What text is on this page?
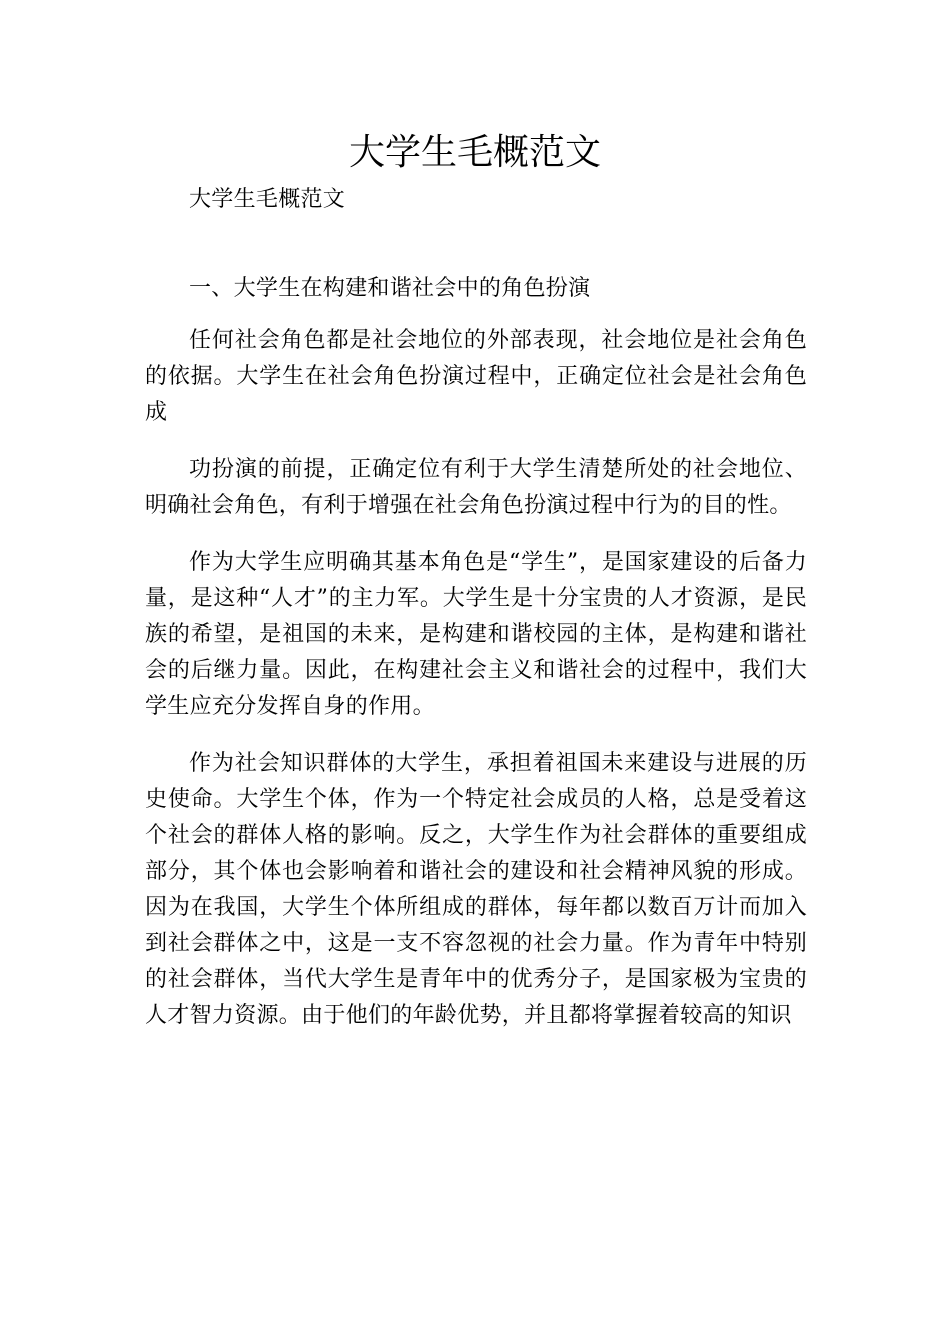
大学生毛概范文

大学生毛概范文

一、大学生在构建和谐社会中的角色扮演

任何社会角色都是社会地位的外部表现，社会地位是社会角色的依据。大学生在社会角色扮演过程中，正确定位社会是社会角色成

功扮演的前提，正确定位有利于大学生清楚所处的社会地位、明确社会角色，有利于增强在社会角色扮演过程中行为的目的性。

作为大学生应明确其基本角色是“学生”，是国家建设的后备力量，是这种“人才”的主力军。大学生是十分宝贵的人才资源，是民族的希望，是祖国的未来，是构建和谐校园的主体，是构建和谐社会的后继力量。因此，在构建社会主义和谐社会的过程中，我们大学生应充分发挥自身的作用。

作为社会知识群体的大学生，承担着祖国未来建设与进展的历史使命。大学生个体，作为一个特定社会成员的人格，总是受着这个社会的群体人格的影响。反之，大学生作为社会群体的重要组成部分，其个体也会影响着和谐社会的建设和社会精神风貌的形成。因为在我国，大学生个体所组成的群体，每年都以数百万计而加入到社会群体之中，这是一支不容忽视的社会力量。作为青年中特别的社会群体，当代大学生是青年中的优秀分子，是国家极为宝贵的人才智力资源。由于他们的年龄优势，并且都将掌握着较高的知识
